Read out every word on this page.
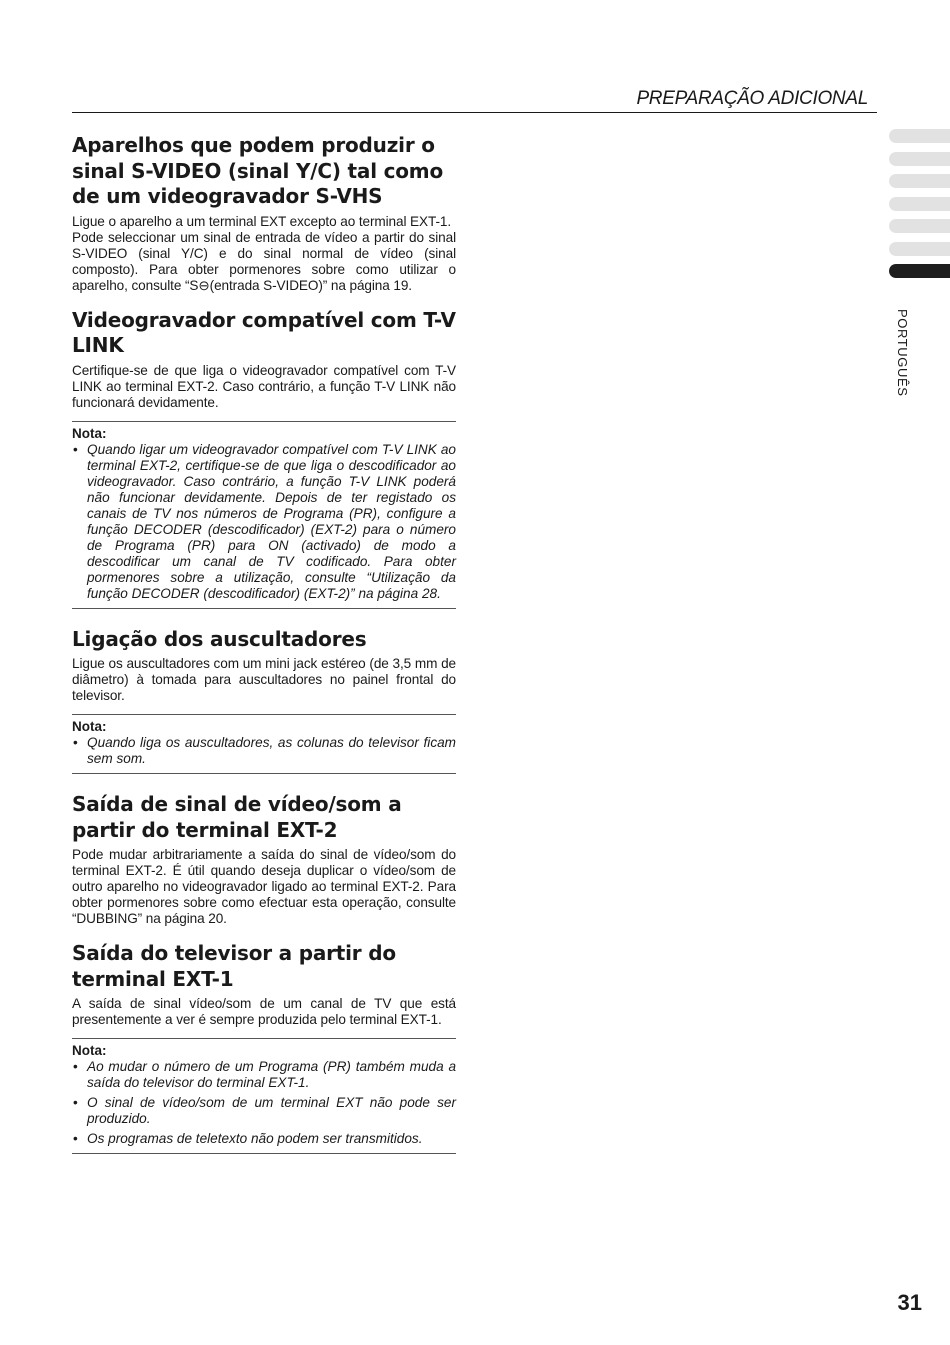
PREPARAÇÃO ADICIONAL
PORTUGUÊS
Aparelhos que podem produzir o sinal S-VIDEO (sinal Y/C) tal como de um videogravador S-VHS

Ligue o aparelho a um terminal EXT excepto ao terminal EXT-1.

Pode seleccionar um sinal de entrada de vídeo a partir do sinal S-VIDEO (sinal Y/C) e do sinal normal de vídeo (sinal composto). Para obter pormenores sobre como utilizar o aparelho, consulte “S⊖(entrada S-VIDEO)” na página 19.

Videogravador compatível com T-V LINK

Certifique-se de que liga o videogravador compatível com T-V LINK ao terminal EXT-2. Caso contrário, a função T-V LINK não funcionará devidamente.

Nota:

• Quando ligar um videogravador compatível com T-V LINK ao terminal EXT-2, certifique-se de que liga o descodificador ao videogravador. Caso contrário, a função T-V LINK poderá não funcionar devidamente. Depois de ter registado os canais de TV nos números de Programa (PR), configure a função DECODER (descodificador) (EXT-2) para o número de Programa (PR) para ON (activado) de modo a descodificar um canal de TV codificado. Para obter pormenores sobre a utilização, consulte “Utilização da função DECODER (descodificador) (EXT-2)” na página 28.
Ligação dos auscultadores

Ligue os auscultadores com um mini jack estéreo (de 3,5 mm de diâmetro) à tomada para auscultadores no painel frontal do televisor.

Nota:

• Quando liga os auscultadores, as colunas do televisor ficam sem som.
Saída de sinal de vídeo/som a partir do terminal EXT-2

Pode mudar arbitrariamente a saída do sinal de vídeo/som do terminal EXT-2. É útil quando deseja duplicar o vídeo/som de outro aparelho no videogravador ligado ao terminal EXT-2. Para obter pormenores sobre como efectuar esta operação, consulte “DUBBING” na página 20.

Saída do televisor a partir do terminal EXT-1

A saída de sinal vídeo/som de um canal de TV que está presentemente a ver é sempre produzida pelo terminal EXT-1.

Nota:

• Ao mudar o número de um Programa (PR) também muda a saída do televisor do terminal EXT-1.
• O sinal de vídeo/som de um terminal EXT não pode ser produzido.
• Os programas de teletexto não podem ser transmitidos.
31
